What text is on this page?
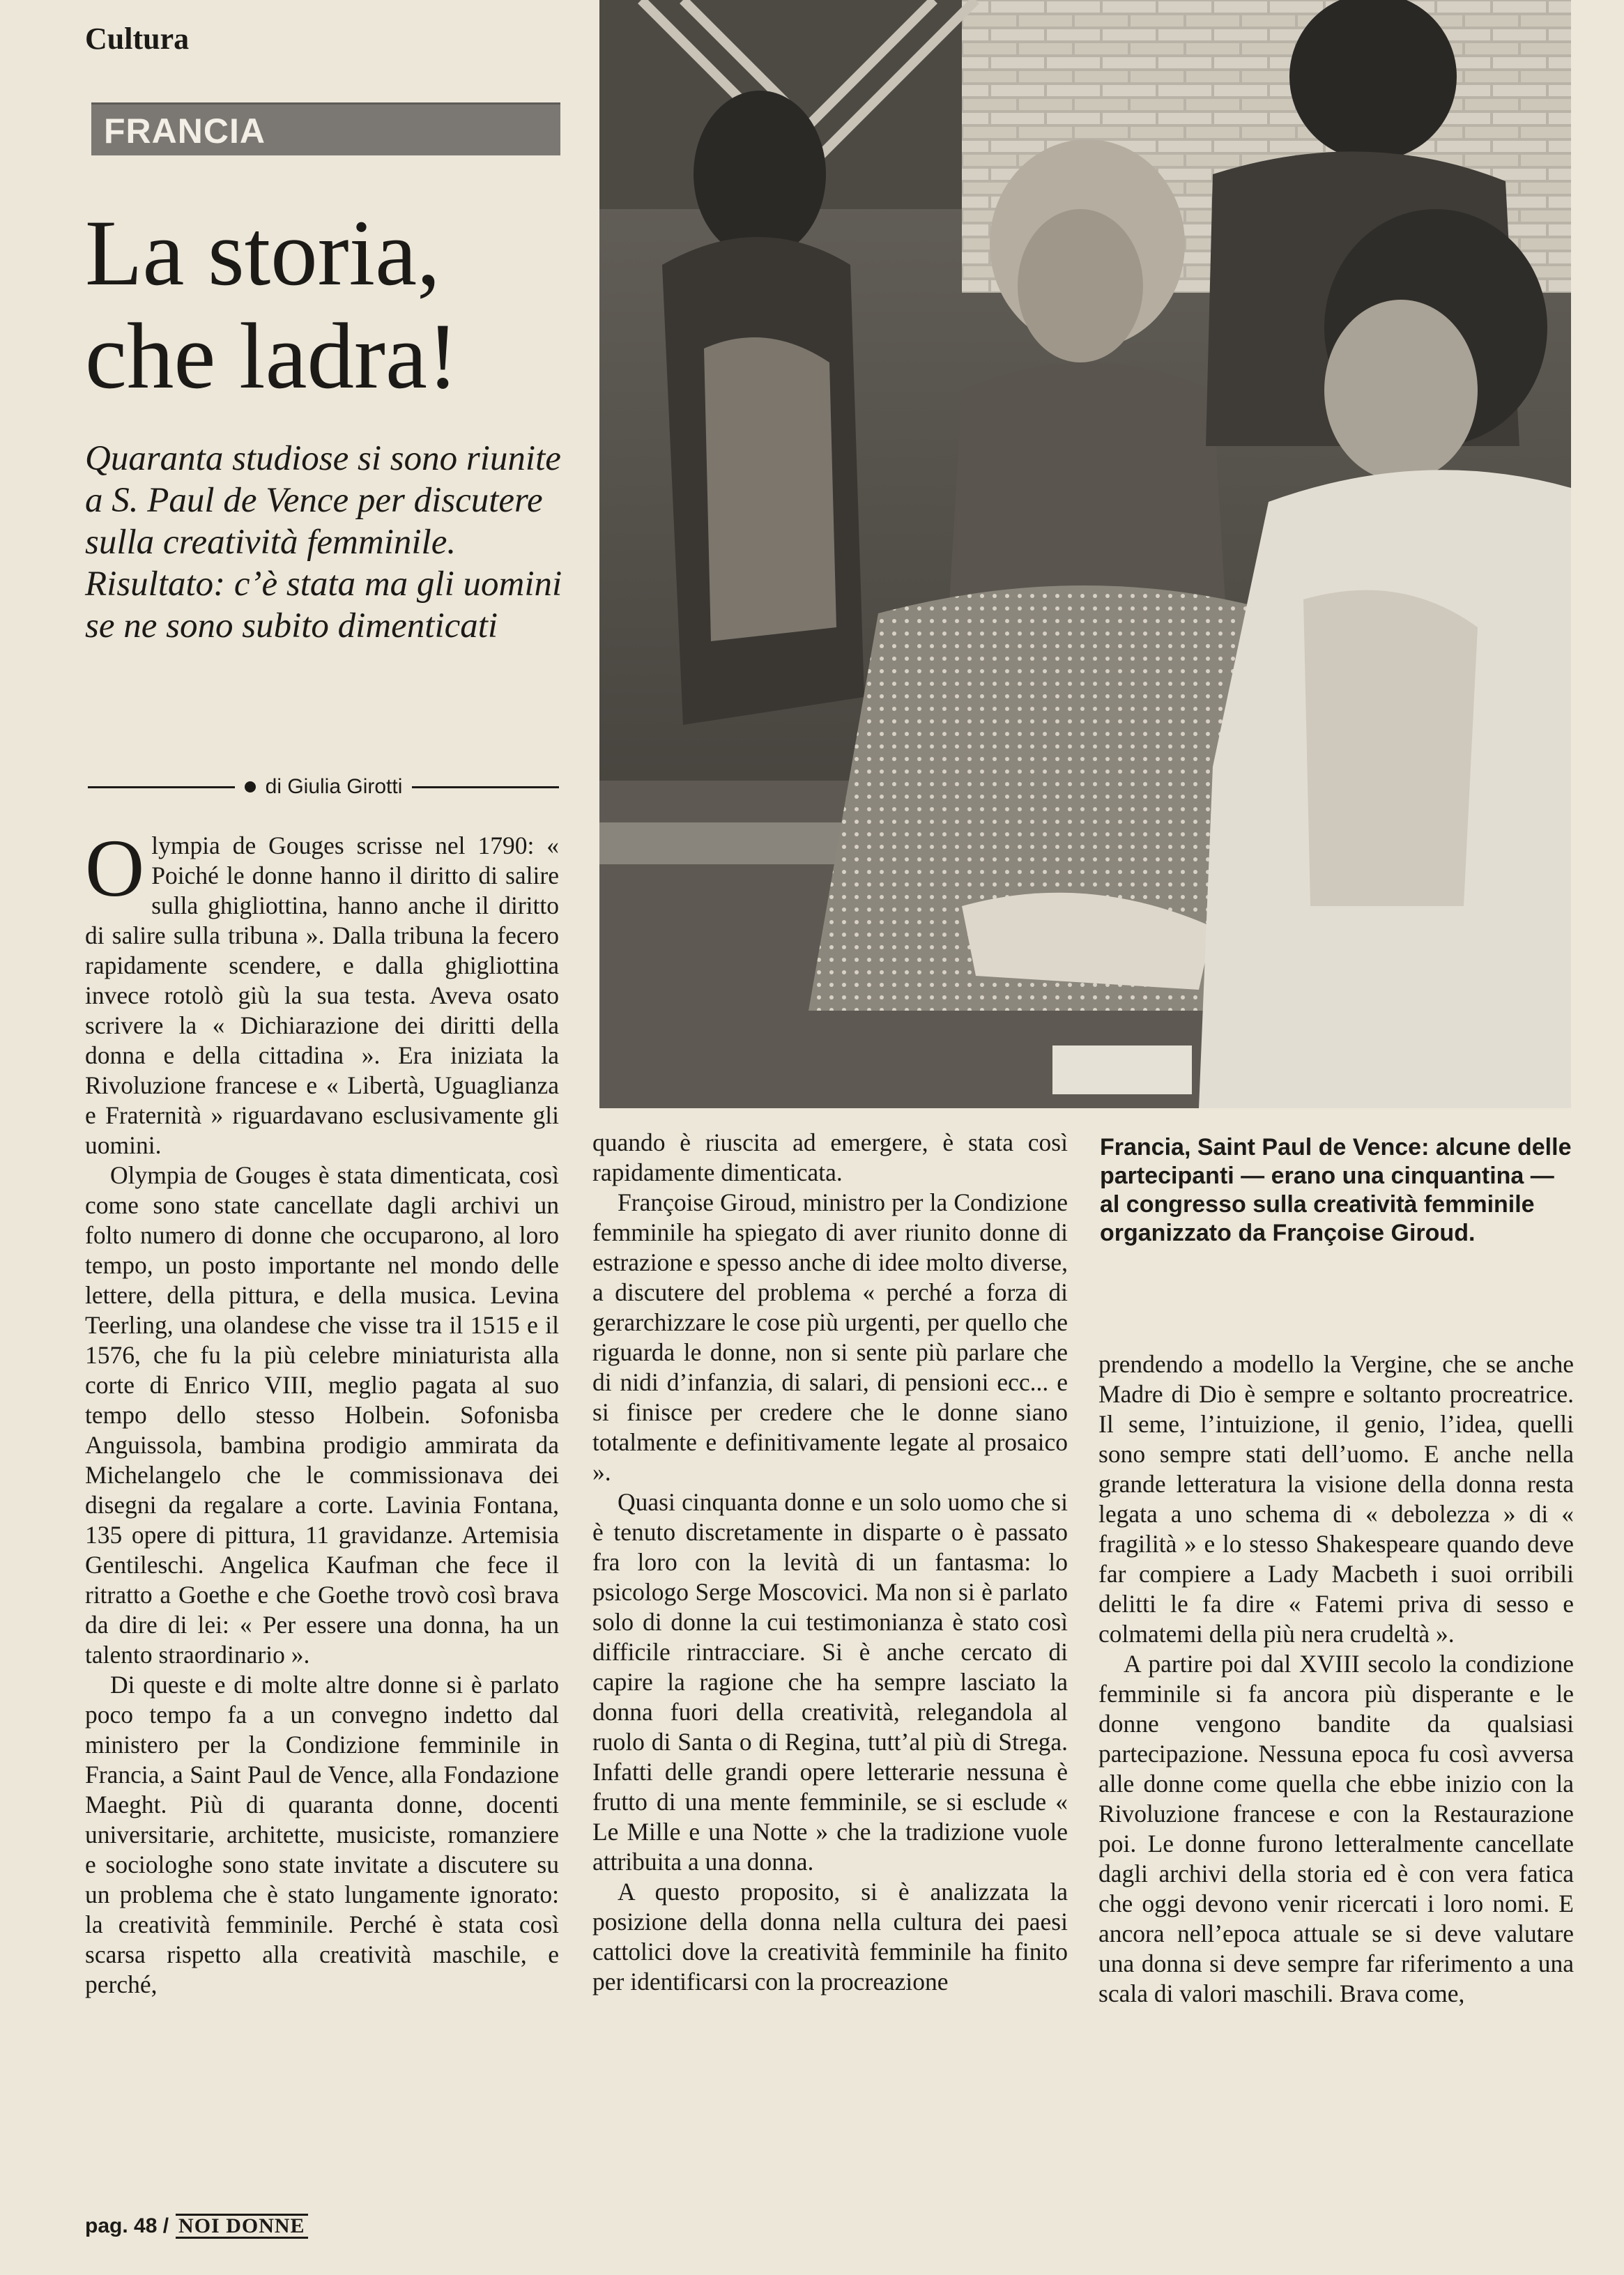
Cultura
FRANCIA
La storia,
che ladra!
Quaranta studiose si sono riunite a S. Paul de Vence per discutere sulla creatività femminile. Risultato: c’è stata ma gli uomini se ne sono subito dimenticati
di Giulia Girotti

Olympia de Gouges scrisse nel 1790: « Poiché le donne hanno il diritto di salire sulla ghigliottina, hanno anche il diritto di salire sulla tribuna ». Dalla tribuna la fecero rapidamente scendere, e dalla ghigliottina invece rotolò giù la sua testa. Aveva osato scrivere la « Dichiarazione dei diritti della donna e della cittadina ». Era iniziata la Rivoluzione francese e « Libertà, Uguaglianza e Fraternità » riguardavano esclusivamente gli uomini.

Olympia de Gouges è stata dimenticata, così come sono state cancellate dagli archivi un folto numero di donne che occuparono, al loro tempo, un posto importante nel mondo delle lettere, della pittura, e della musica. Levina Teerling, una olandese che visse tra il 1515 e il 1576, che fu la più celebre miniaturista alla corte di Enrico VIII, meglio pagata al suo tempo dello stesso Holbein. Sofonisba Anguissola, bambina prodigio ammirata da Michelangelo che le commissionava dei disegni da regalare a corte. Lavinia Fontana, 135 opere di pittura, 11 gravidanze. Artemisia Gentileschi. Angelica Kaufman che fece il ritratto a Goethe e che Goethe trovò così brava da dire di lei: « Per essere una donna, ha un talento straordinario ».

Di queste e di molte altre donne si è parlato poco tempo fa a un convegno indetto dal ministero per la Condizione femminile in Francia, a Saint Paul de Vence, alla Fondazione Maeght. Più di quaranta donne, docenti universitarie, architette, musiciste, romanziere e sociologhe sono state invitate a discutere su un problema che è stato lungamente ignorato: la creatività femminile. Perché è stata così scarsa rispetto alla creatività maschile, e perché,

Francia, Saint Paul de Vence: alcune delle partecipanti — erano una cinquantina — al congresso sulla creatività femminile organizzato da Françoise Giroud.

quando è riuscita ad emergere, è stata così rapidamente dimenticata.

Françoise Giroud, ministro per la Condizione femminile ha spiegato di aver riunito donne di estrazione e spesso anche di idee molto diverse, a discutere del problema « perché a forza di gerarchizzare le cose più urgenti, per quello che riguarda le donne, non si sente più parlare che di nidi d’infanzia, di salari, di pensioni ecc... e si finisce per credere che le donne siano totalmente e definitivamente legate al prosaico ».

Quasi cinquanta donne e un solo uomo che si è tenuto discretamente in disparte o è passato fra loro con la levità di un fantasma: lo psicologo Serge Moscovici. Ma non si è parlato solo di donne la cui testimonianza è stato così difficile rintracciare. Si è anche cercato di capire la ragione che ha sempre lasciato la donna fuori della creatività, relegandola al ruolo di Santa o di Regina, tutt’al più di Strega. Infatti delle grandi opere letterarie nessuna è frutto di una mente femminile, se si esclude « Le Mille e una Notte » che la tradizione vuole attribuita a una donna.

A questo proposito, si è analizzata la posizione della donna nella cultura dei paesi cattolici dove la creatività femminile ha finito per identificarsi con la procreazione

prendendo a modello la Vergine, che se anche Madre di Dio è sempre e soltanto procreatrice. Il seme, l’intuizione, il genio, l’idea, quelli sono sempre stati dell’uomo. E anche nella grande letteratura la visione della donna resta legata a uno schema di « debolezza » di « fragilità » e lo stesso Shakespeare quando deve far compiere a Lady Macbeth i suoi orribili delitti le fa dire « Fatemi priva di sesso e colmatemi della più nera crudeltà ».

A partire poi dal XVIII secolo la condizione femminile si fa ancora più disperante e le donne vengono bandite da qualsiasi partecipazione. Nessuna epoca fu così avversa alle donne come quella che ebbe inizio con la Rivoluzione francese e con la Restaurazione poi. Le donne furono letteralmente cancellate dagli archivi della storia ed è con vera fatica che oggi devono venir ricercati i loro nomi. E ancora nell’epoca attuale se si deve valutare una donna si deve sempre far riferimento a una scala di valori maschili. Brava come,

pag. 48 / NOI DONNE
